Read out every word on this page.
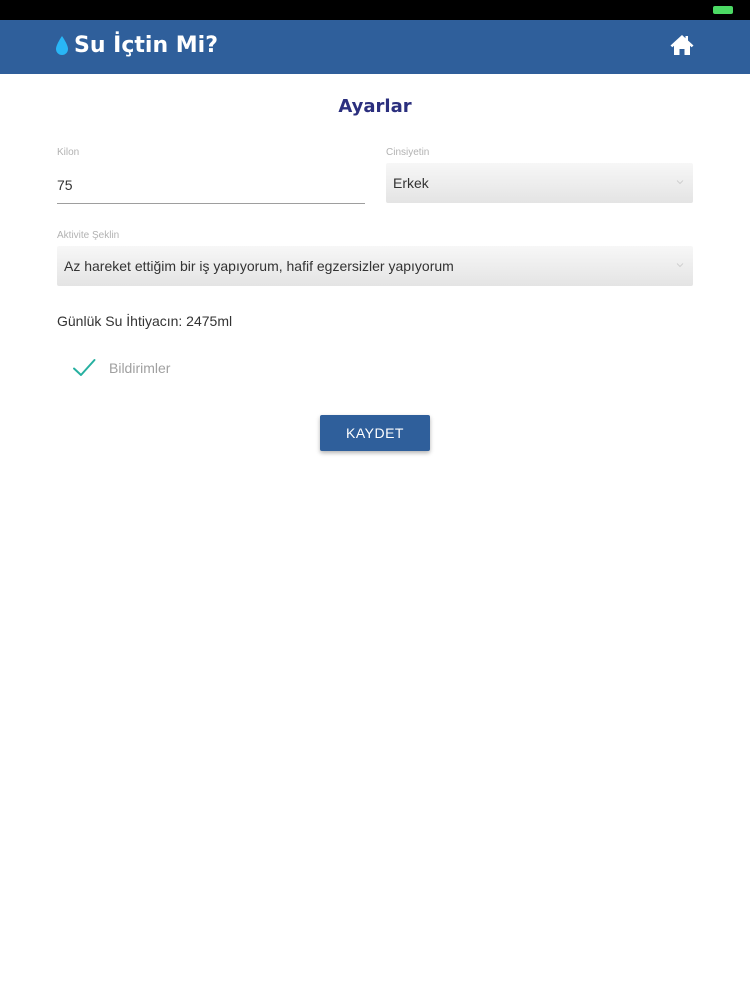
Su İçtin Mi?
Ayarlar
Kilon
75	Cinsiyetin
Erkek
Aktivite Şeklin
Az hareket ettiğim bir iş yapıyorum, hafif egzersizler yapıyorum
Günlük Su İhtiyacın: 2475ml
Bildirimler
KAYDET
